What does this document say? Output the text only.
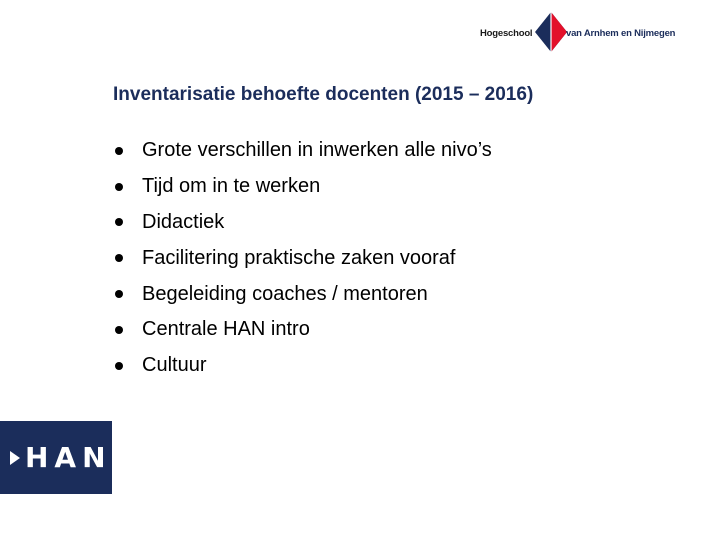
Hogeschool	van Arnhem en Nijmegen
Inventarisatie behoefte docenten (2015 – 2016)
Grote verschillen in inwerken alle nivo’s
Tijd om in te werken
Didactiek
Facilitering praktische zaken vooraf
Begeleiding coaches / mentoren
Centrale HAN intro
Cultuur
HAN
